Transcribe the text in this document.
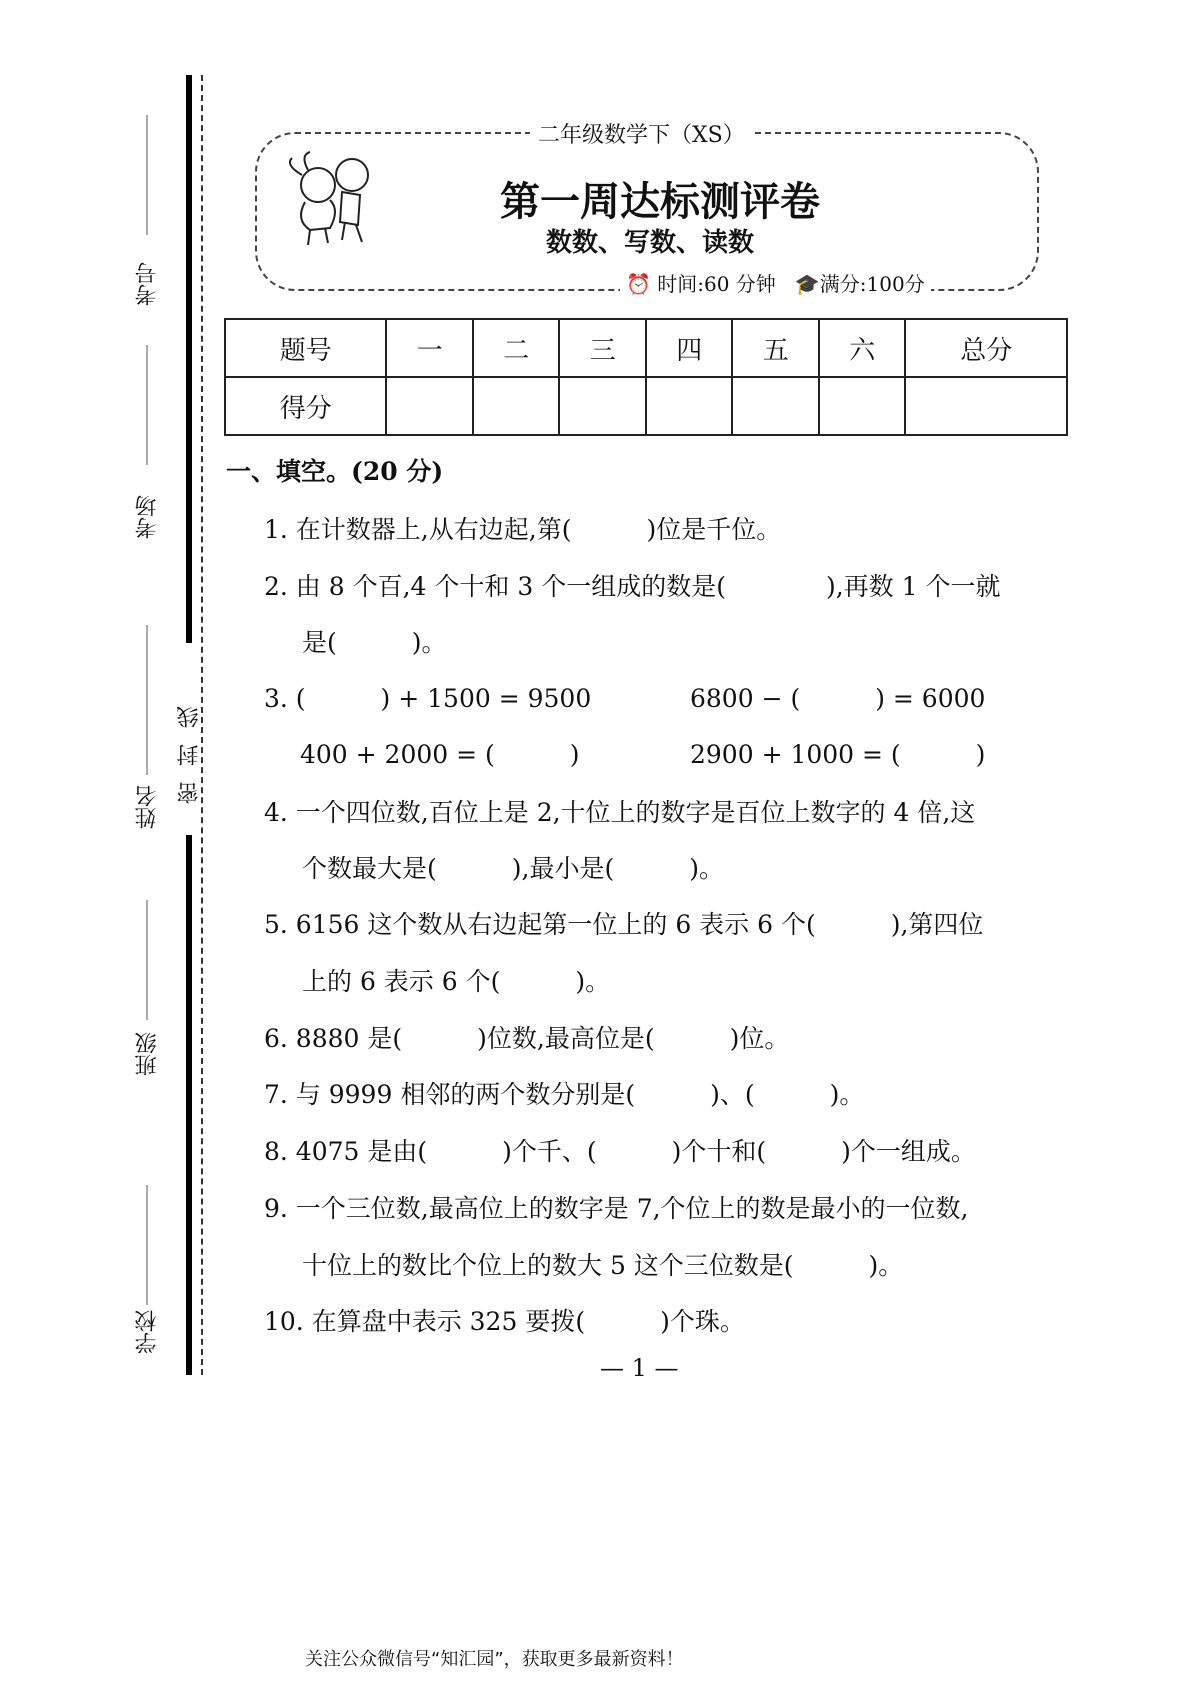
考号
考场
姓名
班级
学校
密封线
二年级数学下（XS）
第一周达标测评卷
数数、写数、读数
⏰ 时间:60 分钟 🎓满分:100分
题号	一	二	三	四	五	六	总分
得分							
一、填空。(20 分)
1. 在计数器上,从右边起,第(　　　)位是千位。
2. 由 8 个百,4 个十和 3 个一组成的数是(　　　　),再数 1 个一就
是(　　　)。
3. (　　　) + 1500 = 9500	6800 − (　　　) = 6000
400 + 2000 = (　　　)	2900 + 1000 = (　　　)
4. 一个四位数,百位上是 2,十位上的数字是百位上数字的 4 倍,这
个数最大是(　　　),最小是(　　　)。
5. 6156 这个数从右边起第一位上的 6 表示 6 个(　　　),第四位
上的 6 表示 6 个(　　　)。
6. 8880 是(　　　)位数,最高位是(　　　)位。
7. 与 9999 相邻的两个数分别是(　　　)、(　　　)。
8. 4075 是由(　　　)个千、(　　　)个十和(　　　)个一组成。
9. 一个三位数,最高位上的数字是 7,个位上的数是最小的一位数,
十位上的数比个位上的数大 5 这个三位数是(　　　)。
10. 在算盘中表示 325 要拨(　　　)个珠。
— 1 —
关注公众微信号“知汇园”，获取更多最新资料！
